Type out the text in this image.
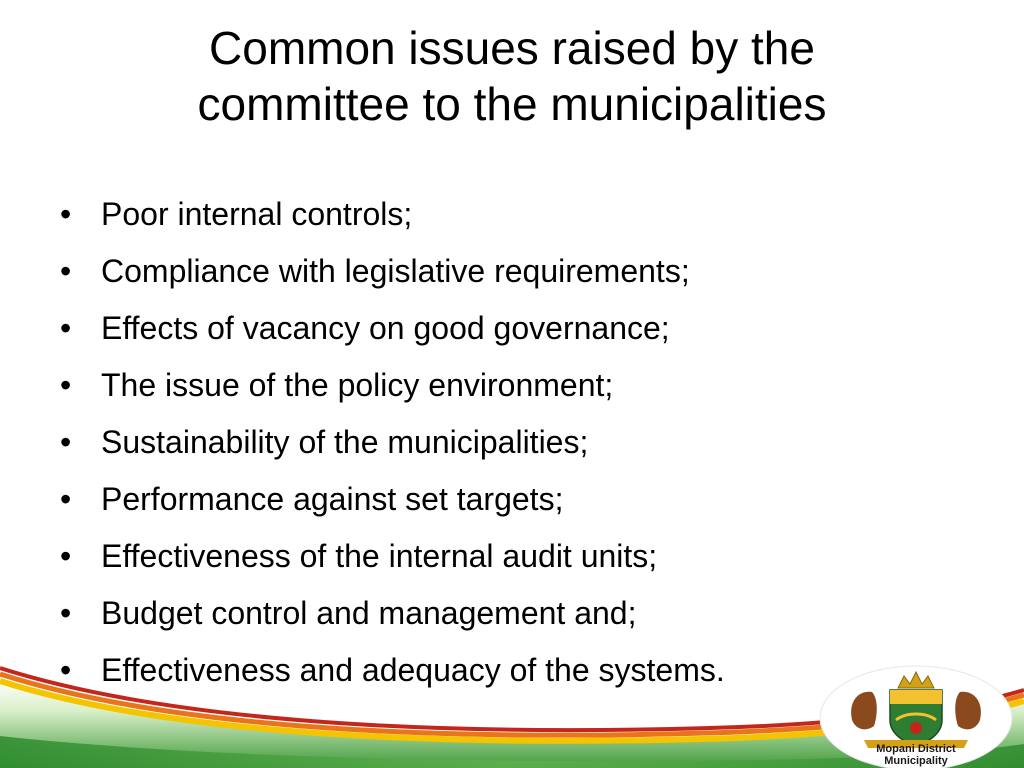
Common issues raised by the
committee to the municipalities
• Poor internal controls;
• Compliance with legislative requirements;
• Effects of vacancy on good governance;
• The issue of the policy environment;
• Sustainability of the municipalities;
• Performance against set targets;
• Effectiveness of the internal audit units;
• Budget control and management and;
• Effectiveness and adequacy of the systems.
Mopani District
Municipality
